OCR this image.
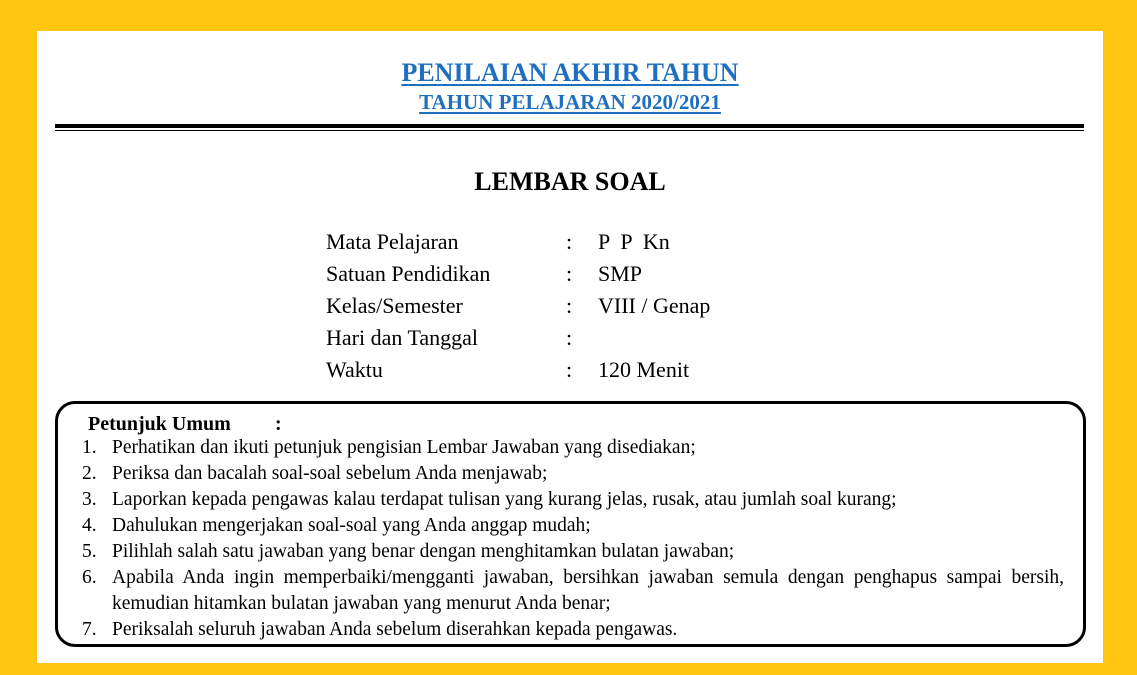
PENILAIAN AKHIR TAHUN
TAHUN PELAJARAN 2020/2021
LEMBAR SOAL
Mata Pelajaran	:	P  P  Kn
Satuan Pendidikan	:	SMP
Kelas/Semester	:	VIII / Genap
Hari dan Tanggal	:
Waktu	:	120 Menit
Petunjuk Umum :
1. Perhatikan dan ikuti petunjuk pengisian Lembar Jawaban yang disediakan;
2. Periksa dan bacalah soal-soal sebelum Anda menjawab;
3. Laporkan kepada pengawas kalau terdapat tulisan yang kurang jelas, rusak, atau jumlah soal kurang;
4. Dahulukan mengerjakan soal-soal yang Anda anggap mudah;
5. Pilihlah salah satu jawaban yang benar dengan menghitamkan bulatan jawaban;
6. Apabila Anda ingin memperbaiki/mengganti jawaban, bersihkan jawaban semula dengan penghapus sampai bersih, kemudian hitamkan bulatan jawaban yang menurut Anda benar;
7. Periksalah seluruh jawaban Anda sebelum diserahkan kepada pengawas.
